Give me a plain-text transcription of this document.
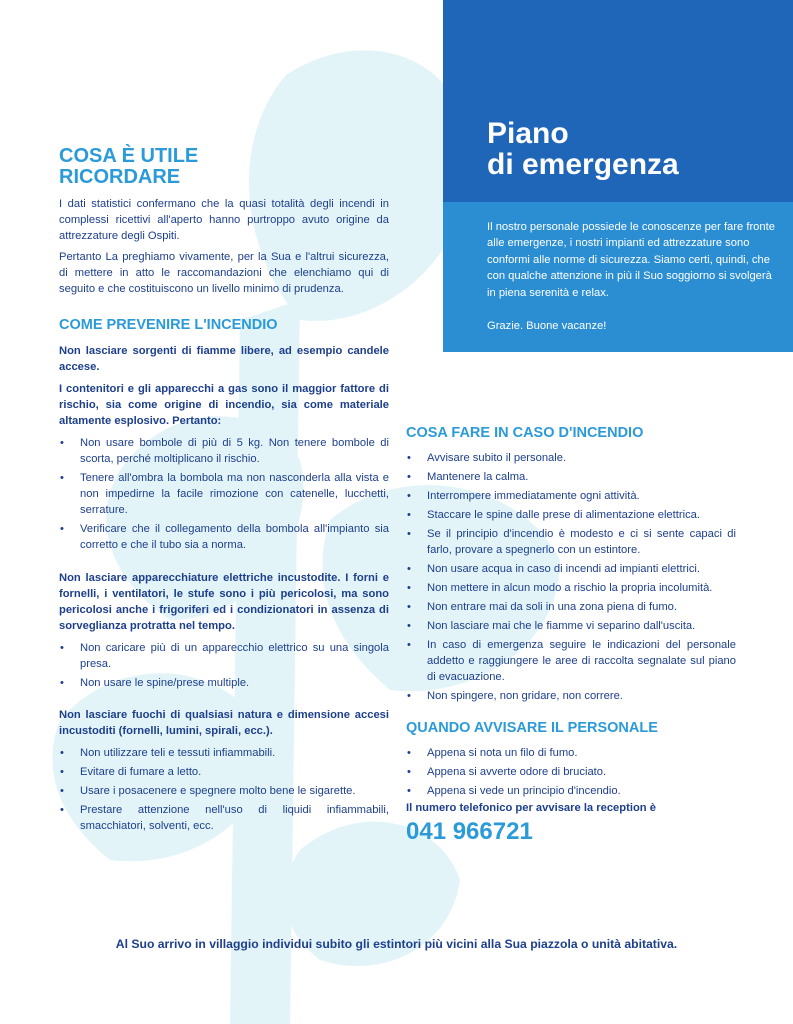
Piano
di emergenza

Il nostro personale possiede le conoscenze per fare fronte alle emergenze, i nostri impianti ed attrezzature sono conformi alle norme di sicurezza. Siamo certi, quindi, che con qualche attenzione in più il Suo soggiorno si svolgerà in piena serenità e relax.

Grazie. Buone vacanze!

COSA È UTILE
RICORDARE

I dati statistici confermano che la quasi totalità degli incendi in complessi ricettivi all'aperto hanno purtroppo avuto origine da attrezzature degli Ospiti.

Pertanto La preghiamo vivamente, per la Sua e l'altrui sicurezza, di mettere in atto le raccomandazioni che elenchiamo qui di seguito e che costituiscono un livello minimo di prudenza.

COME PREVENIRE L'INCENDIO

Non lasciare sorgenti di fiamme libere, ad esempio candele accese.

I contenitori e gli apparecchi a gas sono il maggior fattore di rischio, sia come origine di incendio, sia come materiale altamente esplosivo. Pertanto:

• Non usare bombole di più di 5 kg. Non tenere bombole di scorta, perché moltiplicano il rischio.
• Tenere all'ombra la bombola ma non nasconderla alla vista e non impedirne la facile rimozione con catenelle, lucchetti, serrature.
• Verificare che il collegamento della bombola all'impianto sia corretto e che il tubo sia a norma.

Non lasciare apparecchiature elettriche incustodite. I forni e fornelli, i ventilatori, le stufe sono i più pericolosi, ma sono pericolosi anche i frigoriferi ed i condizionatori in assenza di sorveglianza protratta nel tempo.

• Non caricare più di un apparecchio elettrico su una singola presa.
• Non usare le spine/prese multiple.

Non lasciare fuochi di qualsiasi natura e dimensione accesi incustoditi (fornelli, lumini, spirali, ecc.).

• Non utilizzare teli e tessuti infiammabili.
• Evitare di fumare a letto.
• Usare i posacenere e spegnere molto bene le sigarette.
• Prestare attenzione nell'uso di liquidi infiammabili, smacchiatori, solventi, ecc.
COSA FARE IN CASO D'INCENDIO
• Avvisare subito il personale.
• Mantenere la calma.
• Interrompere immediatamente ogni attività.
• Staccare le spine dalle prese di alimentazione elettrica.
• Se il principio d'incendio è modesto e ci si sente capaci di farlo, provare a spegnerlo con un estintore.
• Non usare acqua in caso di incendi ad impianti elettrici.
• Non mettere in alcun modo a rischio la propria incolumità.
• Non entrare mai da soli in una zona piena di fumo.
• Non lasciare mai che le fiamme vi separino dall'uscita.
• In caso di emergenza seguire le indicazioni del personale addetto e raggiungere le aree di raccolta segnalate sul piano di evacuazione.
• Non spingere, non gridare, non correre.
QUANDO AVVISARE IL PERSONALE
• Appena si nota un filo di fumo.
• Appena si avverte odore di bruciato.
• Appena si vede un principio d'incendio.

Il numero telefonico per avvisare la reception è

041 966721

Al Suo arrivo in villaggio individui subito gli estintori più vicini alla Sua piazzola o unità abitativa.
